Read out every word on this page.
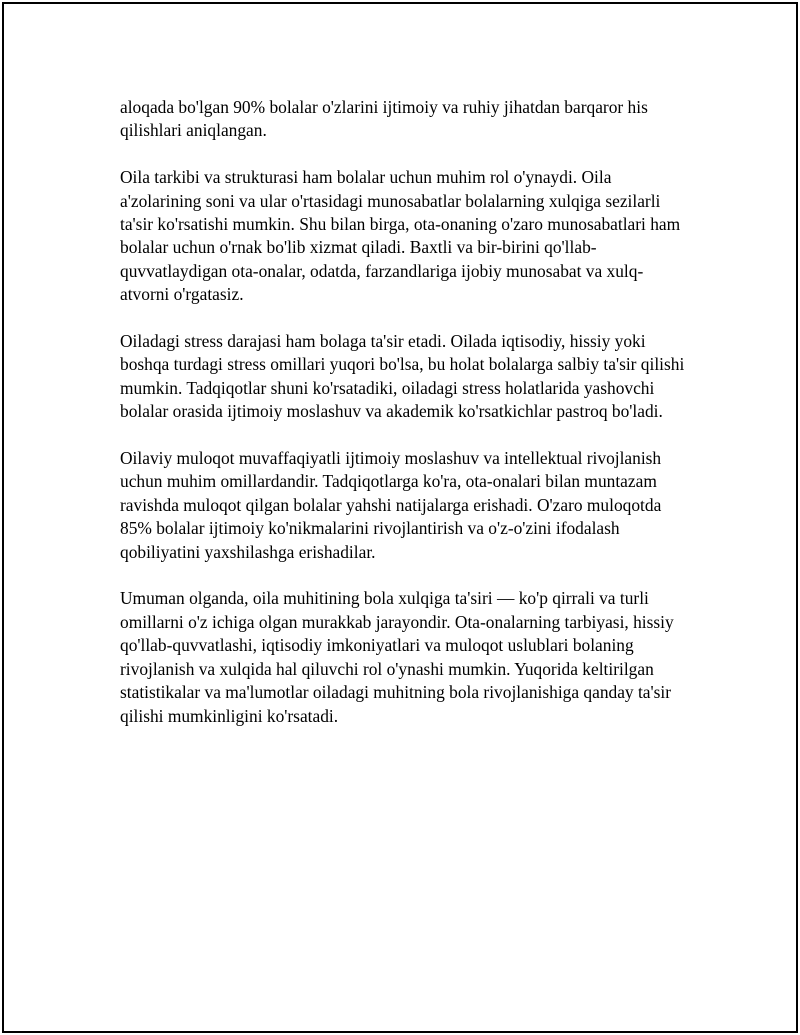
aloqada bo'lgan 90% bolalar o'zlarini ijtimoiy va ruhiy jihatdan barqaror his qilishlari aniqlangan.

Oila tarkibi va strukturasi ham bolalar uchun muhim rol o'ynaydi. Oila a'zolarining soni va ular o'rtasidagi munosabatlar bolalarning xulqiga sezilarli ta'sir ko'rsatishi mumkin. Shu bilan birga, ota-onaning o'zaro munosabatlari ham bolalar uchun o'rnak bo'lib xizmat qiladi. Baxtli va bir-birini qo'llab-quvvatlaydigan ota-onalar, odatda, farzandlariga ijobiy munosabat va xulq-atvorni o'rgatasiz.

Oiladagi stress darajasi ham bolaga ta'sir etadi. Oilada iqtisodiy, hissiy yoki boshqa turdagi stress omillari yuqori bo'lsa, bu holat bolalarga salbiy ta'sir qilishi mumkin. Tadqiqotlar shuni ko'rsatadiki, oiladagi stress holatlarida yashovchi bolalar orasida ijtimoiy moslashuv va akademik ko'rsatkichlar pastroq bo'ladi.

Oilaviy muloqot muvaffaqiyatli ijtimoiy moslashuv va intellektual rivojlanish uchun muhim omillardandir. Tadqiqotlarga ko'ra, ota-onalari bilan muntazam ravishda muloqot qilgan bolalar yahshi natijalarga erishadi. O'zaro muloqotda 85% bolalar ijtimoiy ko'nikmalarini rivojlantirish va o'z-o'zini ifodalash qobiliyatini yaxshilashga erishadilar.

Umuman olganda, oila muhitining bola xulqiga ta'siri — ko'p qirrali va turli omillarni o'z ichiga olgan murakkab jarayondir. Ota-onalarning tarbiyasi, hissiy qo'llab-quvvatlashi, iqtisodiy imkoniyatlari va muloqot uslublari bolaning rivojlanish va xulqida hal qiluvchi rol o'ynashi mumkin. Yuqorida keltirilgan statistikalar va ma'lumotlar oiladagi muhitning bola rivojlanishiga qanday ta'sir qilishi mumkinligini ko'rsatadi.
